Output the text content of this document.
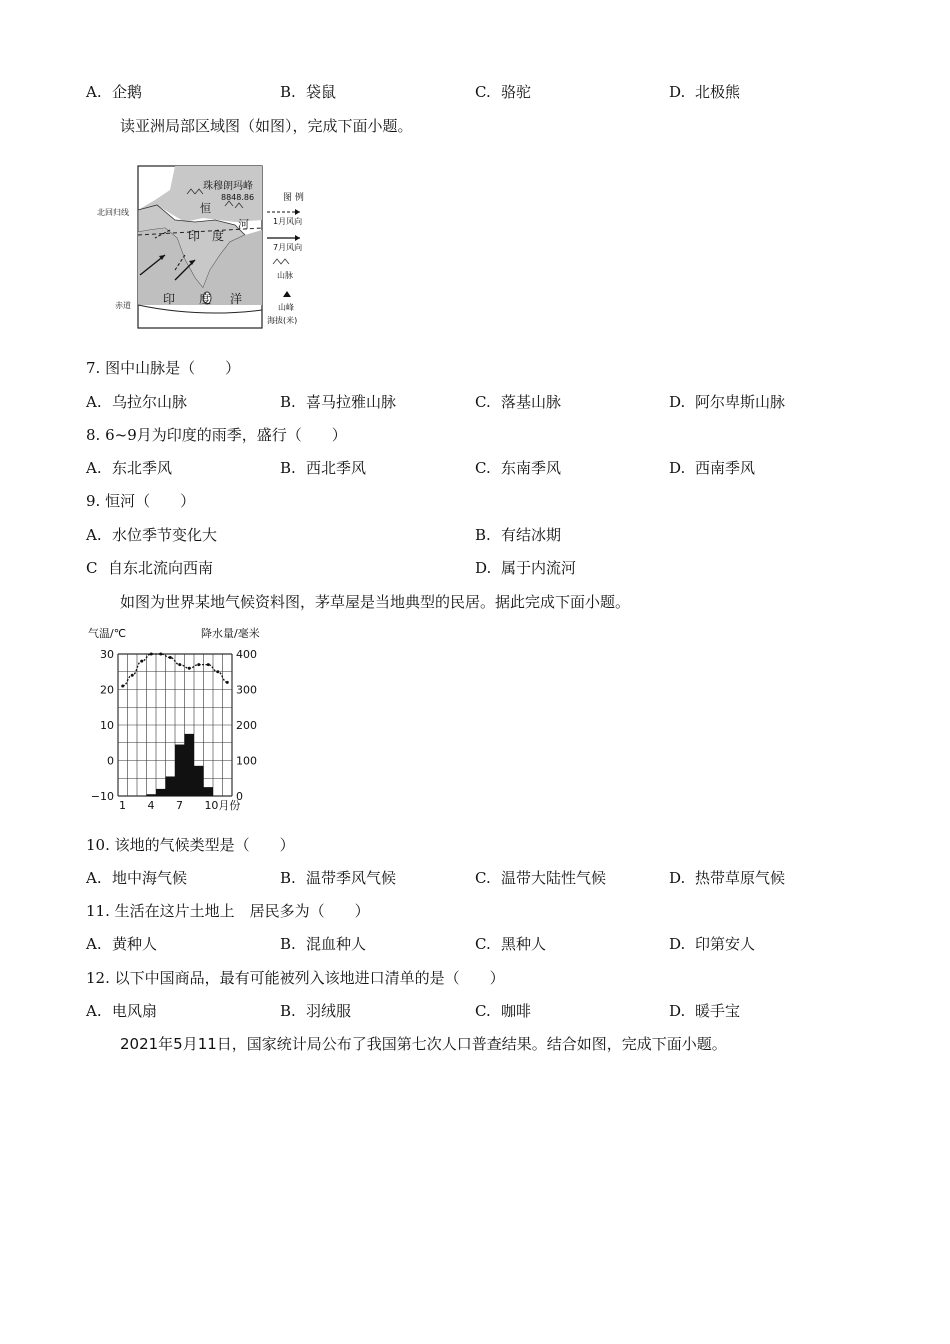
A. 企鹅	B. 袋鼠	C. 骆驼	D. 北极熊
读亚洲局部区域图（如图），完成下面小题。
北回归线
赤道
珠穆朗玛峰
8848.86
恒
河
印 度
印 度 洋
图 例
1月风向
7月风向
山脉
山峰
海拔(米)
7. 图中山脉是（　　）
A. 乌拉尔山脉	B. 喜马拉雅山脉	C. 落基山脉	D. 阿尔卑斯山脉
8. 6~9月为印度的雨季，盛行（　　）
A. 东北季风	B. 西北季风	C. 东南季风	D. 西南季风
9. 恒河（　　）
A. 水位季节变化大	B. 有结冰期
C 自东北流向西南	D. 属于内流河
如图为世界某地气候资料图，茅草屋是当地典型的民居。据此完成下面小题。
气温/℃	降水量/毫米
30
20
10
0
−10
400
300
200
100
0
1 4 7 10月份
10. 该地的气候类型是（　　）
A. 地中海气候	B. 温带季风气候	C. 温带大陆性气候	D. 热带草原气候
11. 生活在这片土地上　居民多为（　　）
A. 黄种人	B. 混血种人	C. 黑种人	D. 印第安人
12. 以下中国商品，最有可能被列入该地进口清单的是（　　）
A. 电风扇	B. 羽绒服	C. 咖啡	D. 暖手宝
2021年5月11日，国家统计局公布了我国第七次人口普查结果。结合如图，完成下面小题。
